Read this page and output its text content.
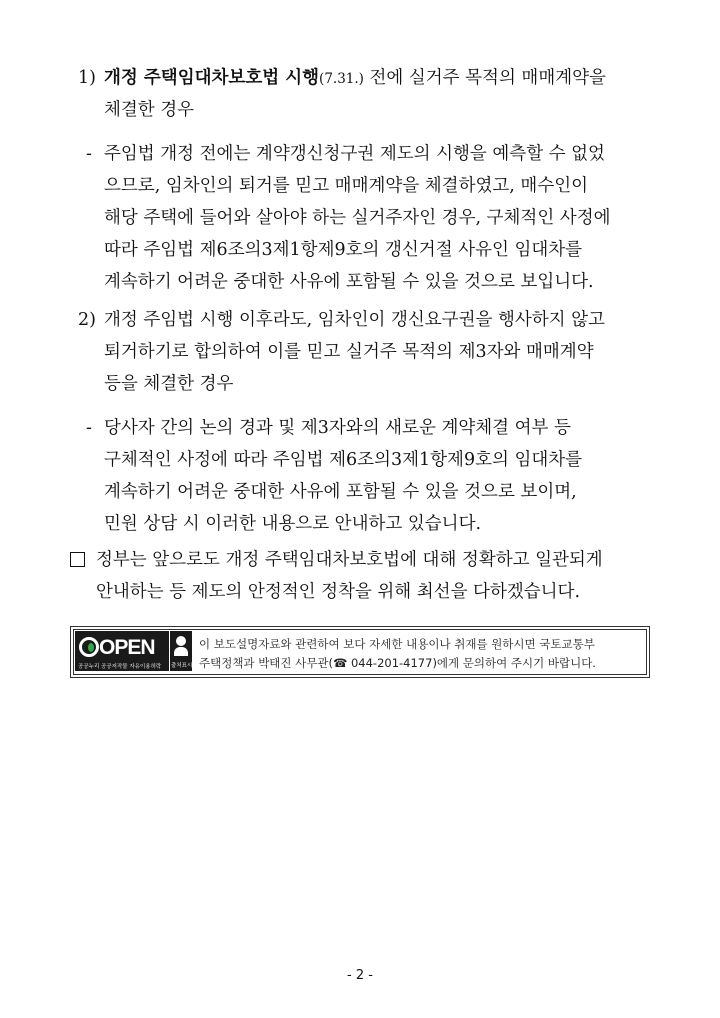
1) 개정 주택임대차보호법 시행(7.31.) 전에 실거주 목적의 매매계약을
체결한 경우
- 주임법 개정 전에는 계약갱신청구권 제도의 시행을 예측할 수 없었
으므로, 임차인의 퇴거를 믿고 매매계약을 체결하였고, 매수인이
해당 주택에 들어와 살아야 하는 실거주자인 경우, 구체적인 사정에
따라 주임법 제6조의3제1항제9호의 갱신거절 사유인 임대차를
계속하기 어려운 중대한 사유에 포함될 수 있을 것으로 보입니다.
2) 개정 주임법 시행 이후라도, 임차인이 갱신요구권을 행사하지 않고
퇴거하기로 합의하여 이를 믿고 실거주 목적의 제3자와 매매계약
등을 체결한 경우
- 당사자 간의 논의 경과 및 제3자와의 새로운 계약체결 여부 등
구체적인 사정에 따라 주임법 제6조의3제1항제9호의 임대차를
계속하기 어려운 중대한 사유에 포함될 수 있을 것으로 보이며,
민원 상담 시 이러한 내용으로 안내하고 있습니다.
정부는 앞으로도 개정 주택임대차보호법에 대해 정확하고 일관되게
안내하는 등 제도의 안정적인 정착을 위해 최선을 다하겠습니다.
OPEN
공공누리 공공저작물 자유이용허락 출처표시
이 보도설명자료와 관련하여 보다 자세한 내용이나 취재를 원하시면 국토교통부
주택정책과 박태진 사무관(☎ 044-201-4177)에게 문의하여 주시기 바랍니다.
- 2 -
